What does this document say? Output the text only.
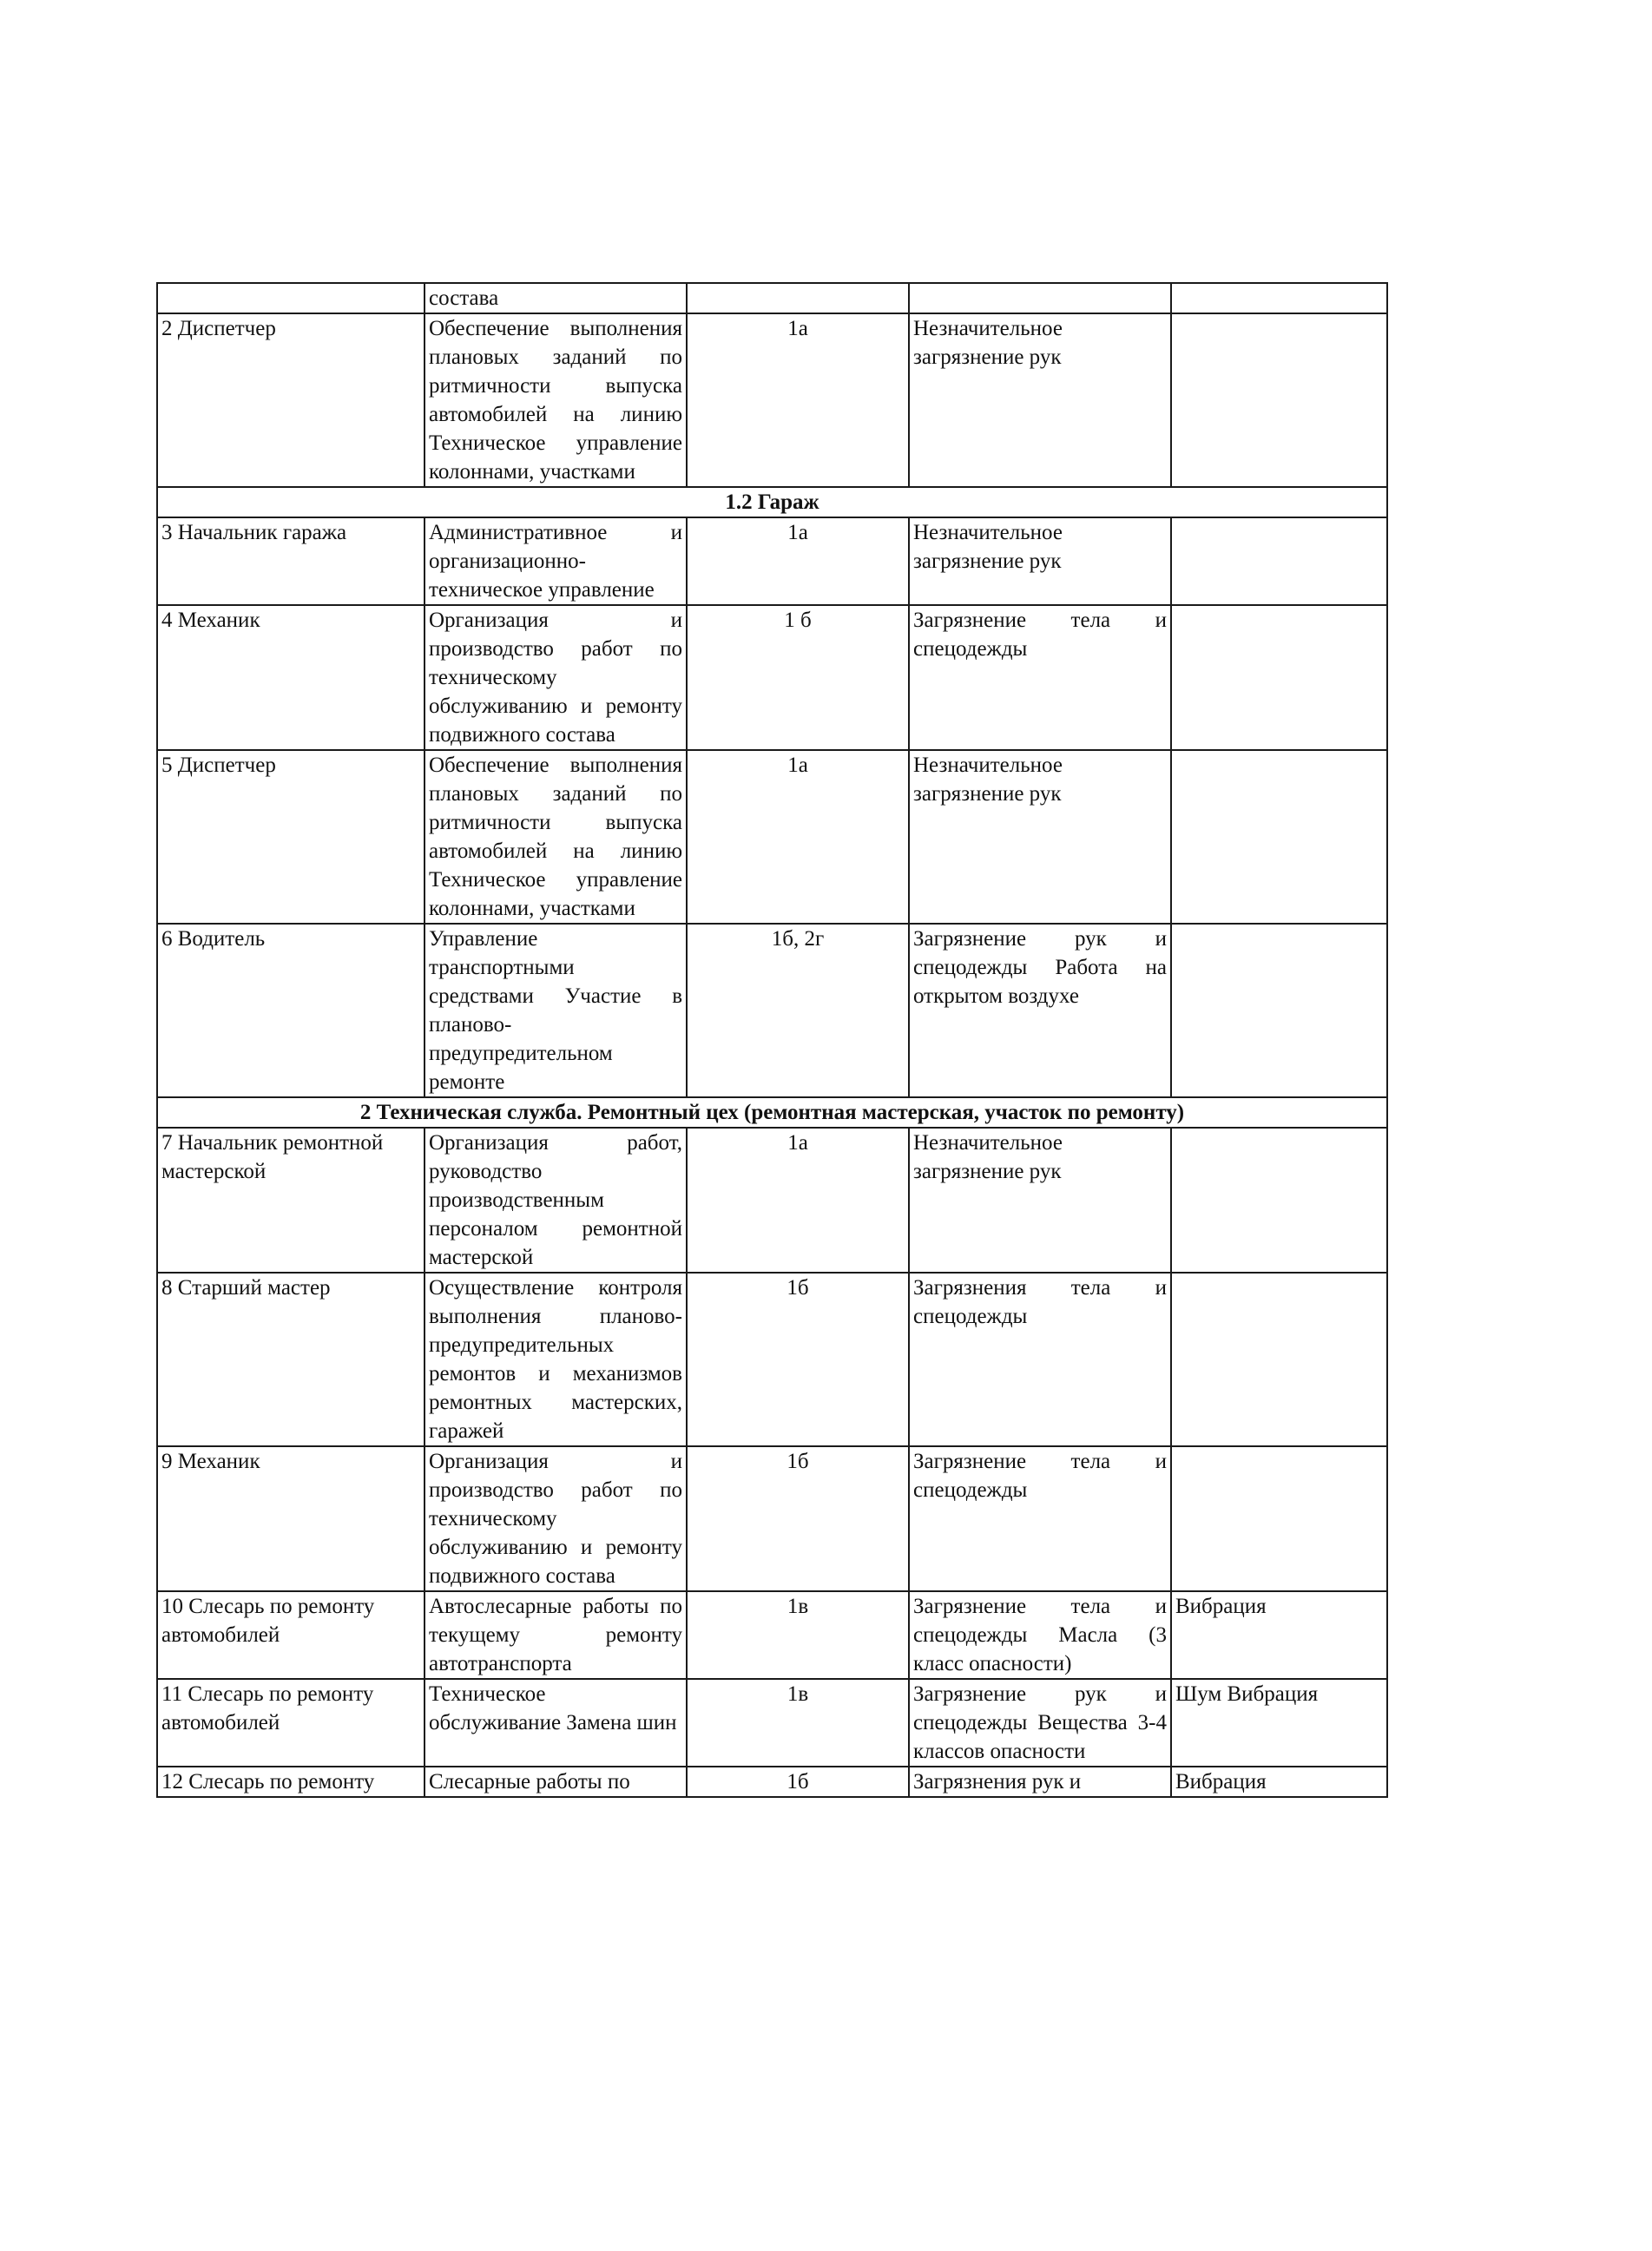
	состава			
2 Диспетчер	Обеспечение выполнения плановых заданий по ритмичности выпуска автомобилей на линию Техническое управление колоннами, участками	1а	Незначительное загрязнение рук	
1.2 Гараж				
3 Начальник гаража	Административное и организационно-техническое управление	1а	Незначительное загрязнение рук	
4 Механик	Организация и производство работ по техническому обслуживанию и ремонту подвижного состава	1 б	Загрязнение тела и спецодежды	
5 Диспетчер	Обеспечение выполнения плановых заданий по ритмичности выпуска автомобилей на линию Техническое управление колоннами, участками	1а	Незначительное загрязнение рук	
6 Водитель	Управление транспортными средствами Участие в планово-предупредительном ремонте	1б, 2г	Загрязнение рук и спецодежды Работа на открытом воздухе	
2 Техническая служба. Ремонтный цех (ремонтная мастерская, участок по ремонту)				
7 Начальник ремонтной мастерской	Организация работ, руководство производственным персоналом ремонтной мастерской	1а	Незначительное загрязнение рук	
8 Старший мастер	Осуществление контроля выполнения планово-предупредительных ремонтов и механизмов ремонтных мастерских, гаражей	1б	Загрязнения тела и спецодежды	
9 Механик	Организация и производство работ по техническому обслуживанию и ремонту подвижного состава	1б	Загрязнение тела и спецодежды	
10 Слесарь по ремонту автомобилей	Автослесарные работы по текущему ремонту автотранспорта	1в	Загрязнение тела и спецодежды Масла (3 класс опасности)	Вибрация
11 Слесарь по ремонту автомобилей	Техническое обслуживание Замена шин	1в	Загрязнение рук и спецодежды Вещества 3-4 классов опасности	Шум Вибрация
12 Слесарь по ремонту	Слесарные работы по	1б	Загрязнения рук и	Вибрация
